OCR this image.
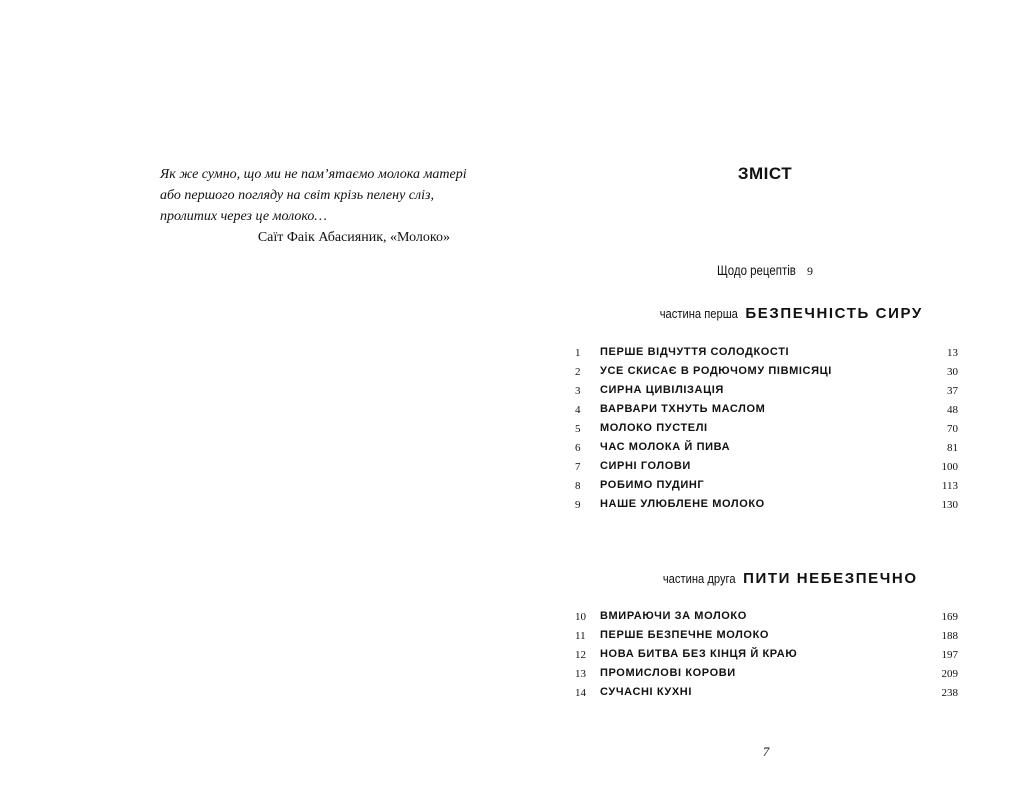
Як же сумно, що ми не пам’ятаємо молока матері
або першого погляду на світ крізь пелену сліз,
пролитих через це молоко…
Саїт Фаік Абасияник, «Молоко»
ЗМІСТ
Щодо рецептів 9
частина перша БЕЗПЕЧНІСТЬ СИРУ
1 ПЕРШЕ ВІДЧУТТЯ СОЛОДКОСТІ	13
2 УСЕ СКИСАЄ В РОДЮЧОМУ ПІВМІСЯЦІ	30
3 СИРНА ЦИВІЛІЗАЦІЯ	37
4 ВАРВАРИ ТХНУТЬ МАСЛОМ	48
5 МОЛОКО ПУСТЕЛІ	70
6 ЧАС МОЛОКА Й ПИВА	81
7 СИРНІ ГОЛОВИ	100
8 РОБИМО ПУДИНГ	113
9 НАШЕ УЛЮБЛЕНЕ МОЛОКО	130
частина друга ПИТИ НЕБЕЗПЕЧНО
10 ВМИРАЮЧИ ЗА МОЛОКО	169
11 ПЕРШЕ БЕЗПЕЧНЕ МОЛОКО	188
12 НОВА БИТВА БЕЗ КІНЦЯ Й КРАЮ	197
13 ПРОМИСЛОВІ КОРОВИ	209
14 СУЧАСНІ КУХНІ	238
7
